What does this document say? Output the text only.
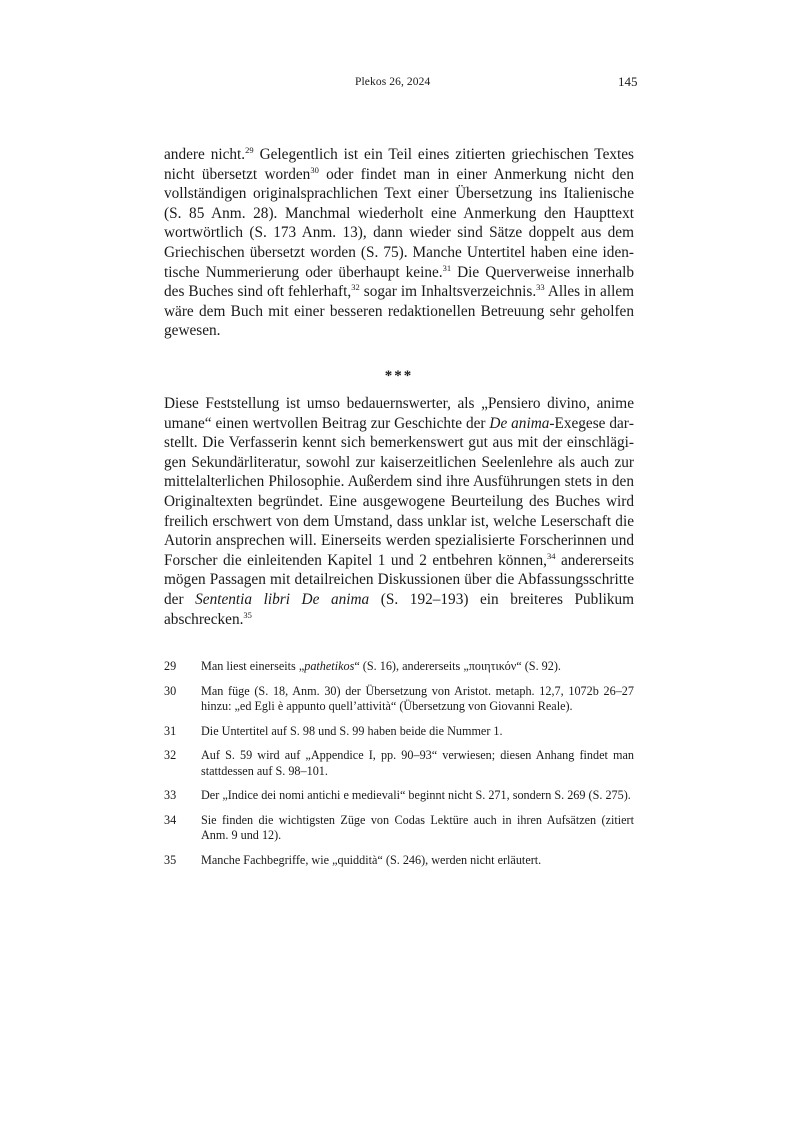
Plekos 26, 2024	145

andere nicht.$^{29}$ Gelegentlich ist ein Teil eines zitierten griechischen Textes nicht übersetzt worden$^{30}$ oder findet man in einer Anmerkung nicht den vollständigen originalsprachlichen Text einer Übersetzung ins Italienische (S. 85 Anm. 28). Manchmal wiederholt eine Anmerkung den Haupttext wortwörtlich (S. 173 Anm. 13), dann wieder sind Sätze doppelt aus dem Griechischen übersetzt worden (S. 75). Manche Untertitel haben eine identische Nummerierung oder überhaupt keine.$^{31}$ Die Querverweise innerhalb des Buches sind oft fehlerhaft,$^{32}$ sogar im Inhaltsverzeichnis.$^{33}$ Alles in allem wäre dem Buch mit einer besseren redaktionellen Betreuung sehr geholfen gewesen.

***

Diese Feststellung ist umso bedauernswerter, als „Pensiero divino, anime umane“ einen wertvollen Beitrag zur Geschichte der De anima-Exegese darstellt. Die Verfasserin kennt sich bemerkenswert gut aus mit der einschlägigen Sekundärliteratur, sowohl zur kaiserzeitlichen Seelenlehre als auch zur mittelalterlichen Philosophie. Außerdem sind ihre Ausführungen stets in den Originaltexten begründet. Eine ausgewogene Beurteilung des Buches wird freilich erschwert von dem Umstand, dass unklar ist, welche Leserschaft die Autorin ansprechen will. Einerseits werden spezialisierte Forscherinnen und Forscher die einleitenden Kapitel 1 und 2 entbehren können,$^{34}$ andererseits mögen Passagen mit detailreichen Diskussionen über die Abfassungsschritte der Sententia libri De anima (S. 192–193) ein breiteres Publikum abschrecken.$^{35}$

29	Man liest einerseits „pathetikos“ (S. 16), andererseits „ποιητικόν“ (S. 92).
30	Man füge (S. 18, Anm. 30) der Übersetzung von Aristot. metaph. 12,7, 1072b 26–27 hinzu: „ed Egli è appunto quell’attività“ (Übersetzung von Giovanni Reale).
31	Die Untertitel auf S. 98 und S. 99 haben beide die Nummer 1.
32	Auf S. 59 wird auf „Appendice I, pp. 90–93“ verwiesen; diesen Anhang findet man stattdessen auf S. 98–101.
33	Der „Indice dei nomi antichi e medievali“ beginnt nicht S. 271, sondern S. 269 (S. 275).
34	Sie finden die wichtigsten Züge von Codas Lektüre auch in ihren Aufsätzen (zitiert Anm. 9 und 12).
35	Manche Fachbegriffe, wie „quiddità“ (S. 246), werden nicht erläutert.
